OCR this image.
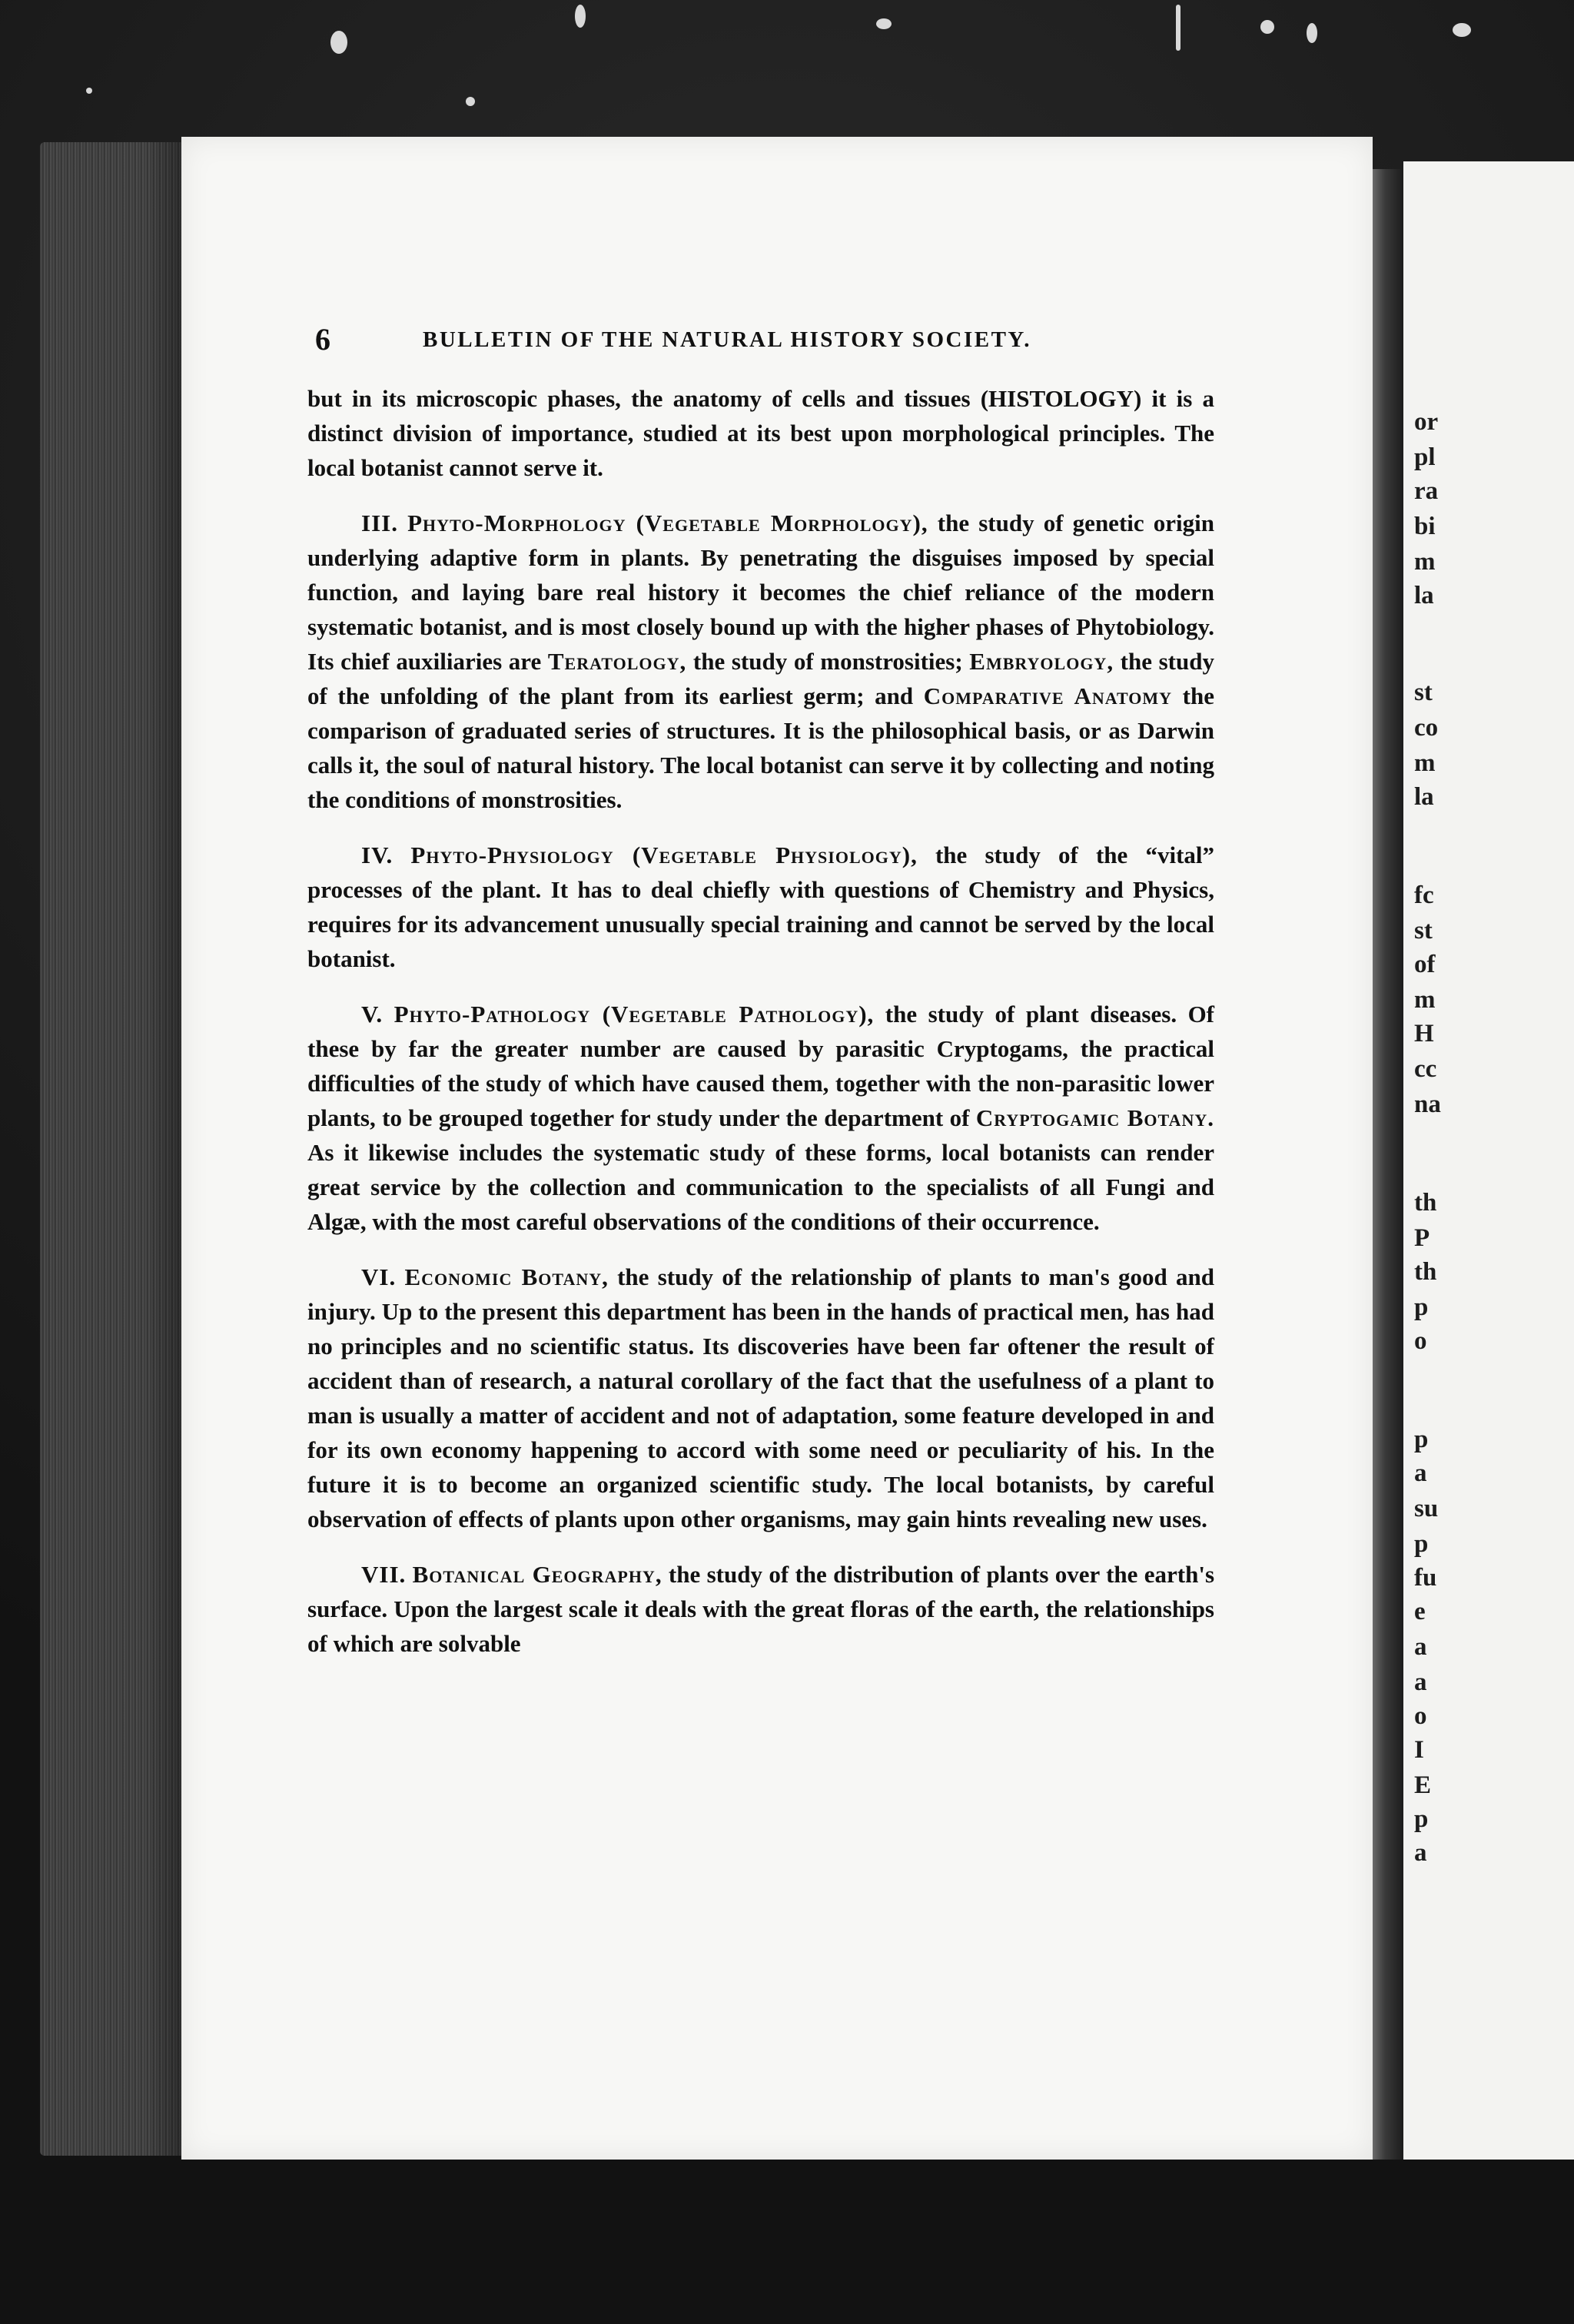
or
pl
ra
bi
m
la
st
co
m
la
fc
st
of
m
H
cc
na
th
P
th
p
o
p
a
su
p
fu
e
a
a
o
I
E
p
a
6	BULLETIN OF THE NATURAL HISTORY SOCIETY.

but in its microscopic phases, the anatomy of cells and tissues (HISTOLOGY) it is a distinct division of importance, studied at its best upon morphological principles. The local botanist cannot serve it.

III. Phyto-Morphology (Vegetable Morphology), the study of genetic origin underlying adaptive form in plants. By penetrating the disguises imposed by special function, and laying bare real history it becomes the chief reliance of the modern systematic botanist, and is most closely bound up with the higher phases of Phytobiology. Its chief auxiliaries are Teratology, the study of monstrosities; Embryology, the study of the unfolding of the plant from its earliest germ; and Comparative Anatomy the comparison of graduated series of structures. It is the philosophical basis, or as Darwin calls it, the soul of natural history. The local botanist can serve it by collecting and noting the conditions of monstrosities.

IV. Phyto-Physiology (Vegetable Physiology), the study of the “vital” processes of the plant. It has to deal chiefly with questions of Chemistry and Physics, requires for its advancement unusually special training and cannot be served by the local botanist.

V. Phyto-Pathology (Vegetable Pathology), the study of plant diseases. Of these by far the greater number are caused by parasitic Cryptogams, the practical difficulties of the study of which have caused them, together with the non-parasitic lower plants, to be grouped together for study under the department of Cryptogamic Botany. As it likewise includes the systematic study of these forms, local botanists can render great service by the collection and communication to the specialists of all Fungi and Algæ, with the most careful observations of the conditions of their occurrence.

VI. Economic Botany, the study of the relationship of plants to man's good and injury. Up to the present this department has been in the hands of practical men, has had no principles and no scientific status. Its discoveries have been far oftener the result of accident than of research, a natural corollary of the fact that the usefulness of a plant to man is usually a matter of accident and not of adaptation, some feature developed in and for its own economy happening to accord with some need or peculiarity of his. In the future it is to become an organized scientific study. The local botanists, by careful observation of effects of plants upon other organisms, may gain hints revealing new uses.

VII. Botanical Geography, the study of the distribution of plants over the earth's surface. Upon the largest scale it deals with the great floras of the earth, the relationships of which are solvable
